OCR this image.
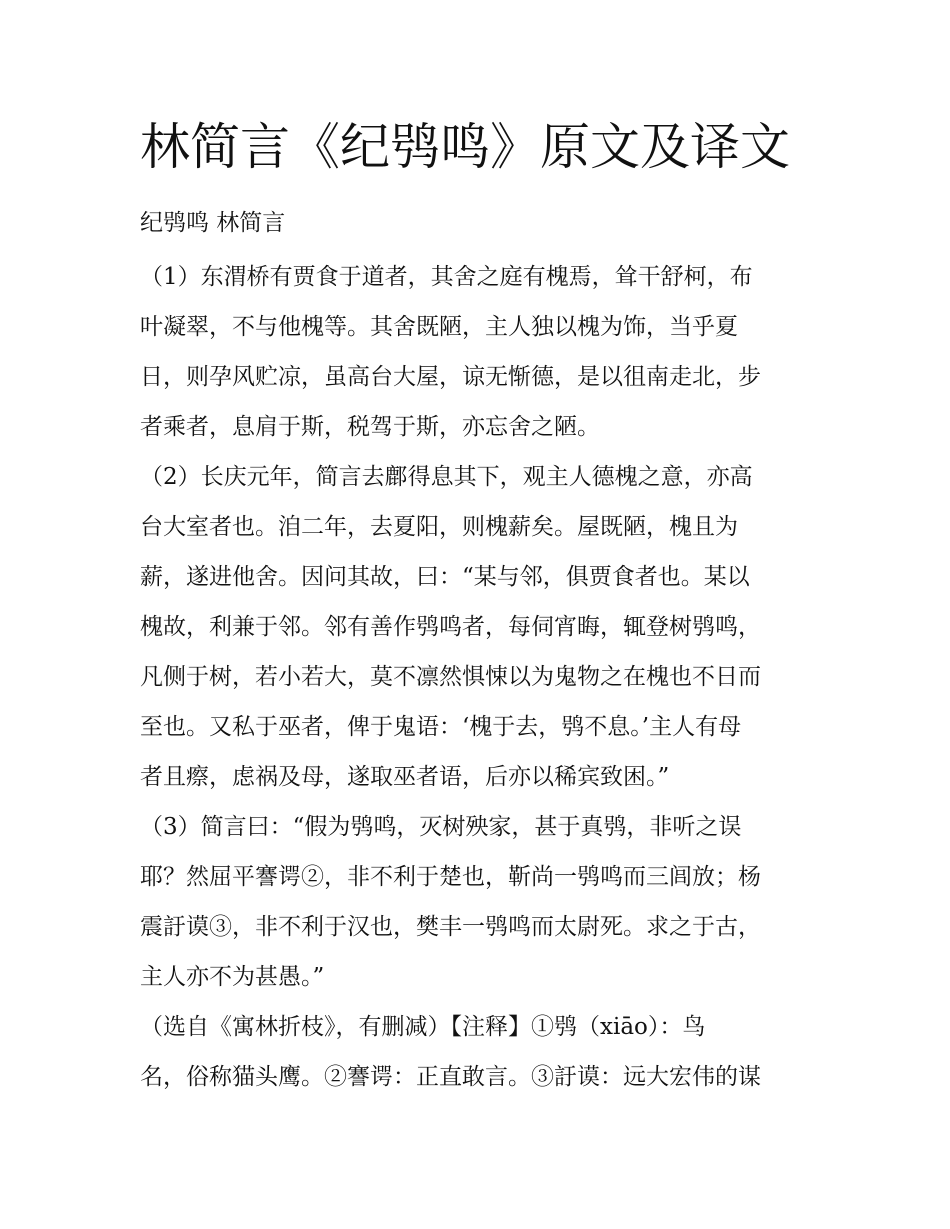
林简言《纪鸮鸣》原文及译文

纪鸮鸣 林简言

（1）东渭桥有贾食于道者，其舍之庭有槐焉，耸干舒柯，布
叶凝翠，不与他槐等。其舍既陋，主人独以槐为饰，当乎夏
日，则孕风贮凉，虽高台大屋，谅无惭德，是以徂南走北，步
者乘者，息肩于斯，税驾于斯，亦忘舍之陋。
（2）长庆元年，简言去鄜得息其下，观主人德槐之意，亦高
台大室者也。洎二年，去夏阳，则槐薪矣。屋既陋，槐且为
薪，遂进他舍。因问其故，曰：“某与邻，俱贾食者也。某以
槐故，利兼于邻。邻有善作鸮鸣者，每伺宵晦，辄登树鸮鸣，
凡侧于树，若小若大，莫不凛然惧悚以为鬼物之在槐也不日而
至也。又私于巫者，俾于鬼语：‘槐于去，鸮不息。’主人有母
者且瘵，虑祸及母，遂取巫者语，后亦以稀宾致困。”
（3）简言曰：“假为鸮鸣，灭树殃家，甚于真鸮，非听之误
耶？然屈平謇谔②，非不利于楚也，靳尚一鸮鸣而三闾放；杨
震訏谟③，非不利于汉也，樊丰一鸮鸣而太尉死。求之于古，
主人亦不为甚愚。”
（选自《寓林折枝》，有删减）【注释】①鸮（xiāo）：鸟
名，俗称猫头鹰。②謇谔：正直敢言。③訏谟：远大宏伟的谋
